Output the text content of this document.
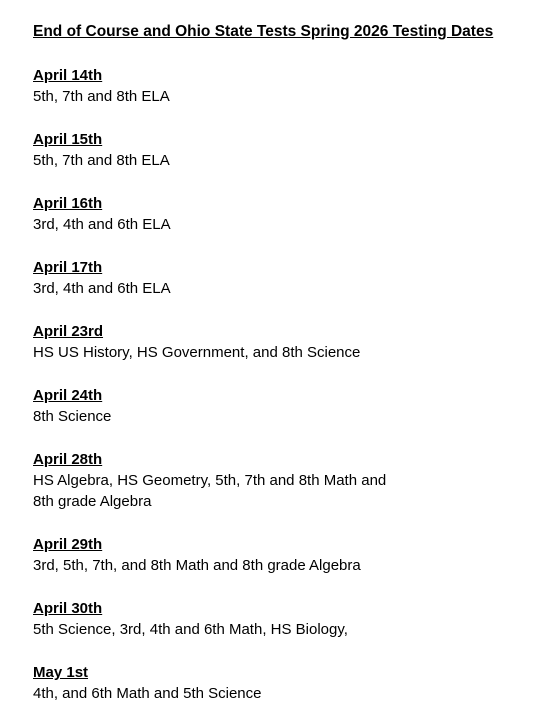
End of Course and Ohio State Tests Spring 2026 Testing Dates
April 14th
5th, 7th and 8th ELA
April 15th
5th, 7th and 8th ELA
April 16th
3rd, 4th and 6th ELA
April 17th
3rd, 4th and 6th ELA
April 23rd
HS US History, HS Government, and 8th Science
April 24th
8th Science
April 28th
HS Algebra, HS Geometry, 5th, 7th and 8th Math and
8th grade Algebra
April 29th
3rd, 5th, 7th, and 8th Math and 8th grade Algebra
April 30th
5th Science, 3rd, 4th and 6th Math, HS Biology,
May 1st
4th, and 6th Math and 5th Science
